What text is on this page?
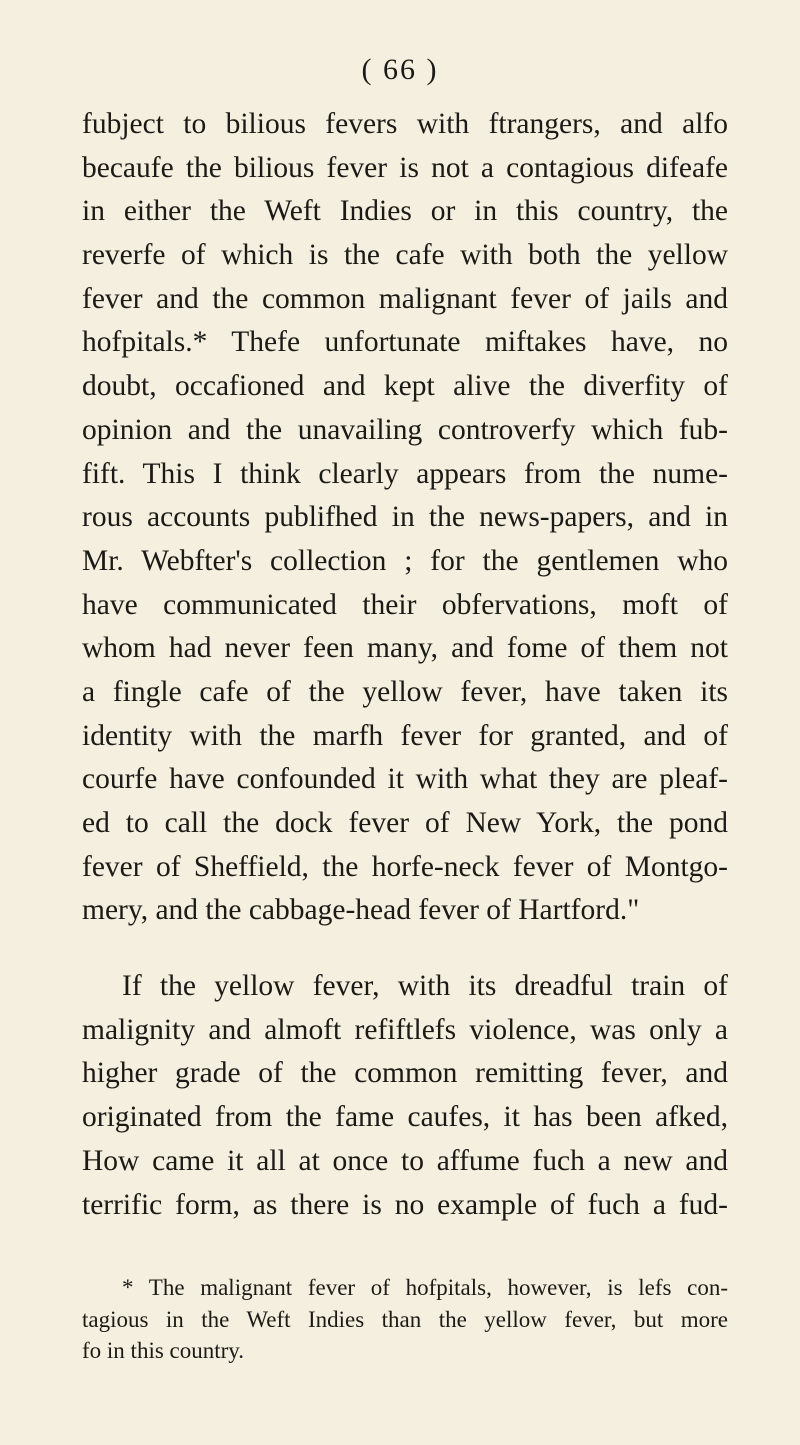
( 66 )
fubject to bilious fevers with ftrangers, and alfo
becaufe the bilious fever is not a contagious difeafe
in either the Weft Indies or in this country, the
reverfe of which is the cafe with both the yellow
fever and the common malignant fever of jails and
hofpitals.* Thefe unfortunate miftakes have, no
doubt, occafioned and kept alive the diverfity of
opinion and the unavailing controverfy which fub-
fift. This I think clearly appears from the nume-
rous accounts publifhed in the news-papers, and in
Mr. Webfter's collection ; for the gentlemen who
have communicated their obfervations, moft of
whom had never feen many, and fome of them not
a fingle cafe of the yellow fever, have taken its
identity with the marfh fever for granted, and of
courfe have confounded it with what they are pleaf-
ed to call the dock fever of New York, the pond
fever of Sheffield, the horfe-neck fever of Montgo-
mery, and the cabbage-head fever of Hartford."
If the yellow fever, with its dreadful train of
malignity and almoft refiftlefs violence, was only a
higher grade of the common remitting fever, and
originated from the fame caufes, it has been afked,
How came it all at once to affume fuch a new and
terrific form, as there is no example of fuch a fud-
* The malignant fever of hofpitals, however, is lefs con-
tagious in the Weft Indies than the yellow fever, but more
fo in this country.
